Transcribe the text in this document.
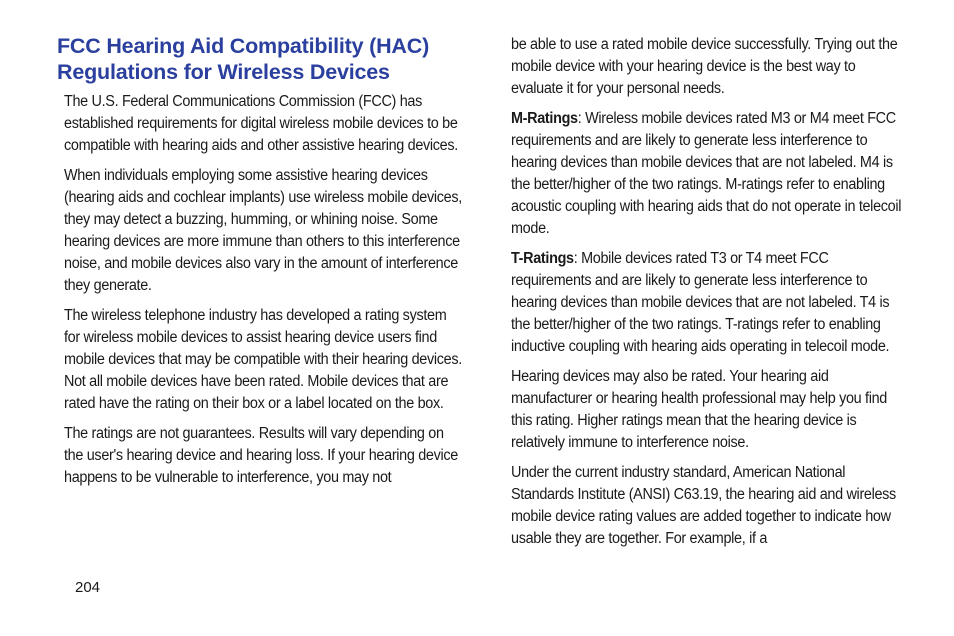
FCC Hearing Aid Compatibility (HAC) Regulations for Wireless Devices

The U.S. Federal Communications Commission (FCC) has established requirements for digital wireless mobile devices to be compatible with hearing aids and other assistive hearing devices.

When individuals employing some assistive hearing devices (hearing aids and cochlear implants) use wireless mobile devices, they may detect a buzzing, humming, or whining noise. Some hearing devices are more immune than others to this interference noise, and mobile devices also vary in the amount of interference they generate.

The wireless telephone industry has developed a rating system for wireless mobile devices to assist hearing device users find mobile devices that may be compatible with their hearing devices. Not all mobile devices have been rated. Mobile devices that are rated have the rating on their box or a label located on the box.

The ratings are not guarantees. Results will vary depending on the user's hearing device and hearing loss. If your hearing device happens to be vulnerable to interference, you may not

be able to use a rated mobile device successfully. Trying out the mobile device with your hearing device is the best way to evaluate it for your personal needs.

M-Ratings: Wireless mobile devices rated M3 or M4 meet FCC requirements and are likely to generate less interference to hearing devices than mobile devices that are not labeled. M4 is the better/higher of the two ratings. M-ratings refer to enabling acoustic coupling with hearing aids that do not operate in telecoil mode.

T-Ratings: Mobile devices rated T3 or T4 meet FCC requirements and are likely to generate less interference to hearing devices than mobile devices that are not labeled. T4 is the better/higher of the two ratings. T-ratings refer to enabling inductive coupling with hearing aids operating in telecoil mode.

Hearing devices may also be rated. Your hearing aid manufacturer or hearing health professional may help you find this rating. Higher ratings mean that the hearing device is relatively immune to interference noise.

Under the current industry standard, American National Standards Institute (ANSI) C63.19, the hearing aid and wireless mobile device rating values are added together to indicate how usable they are together. For example, if a

204
